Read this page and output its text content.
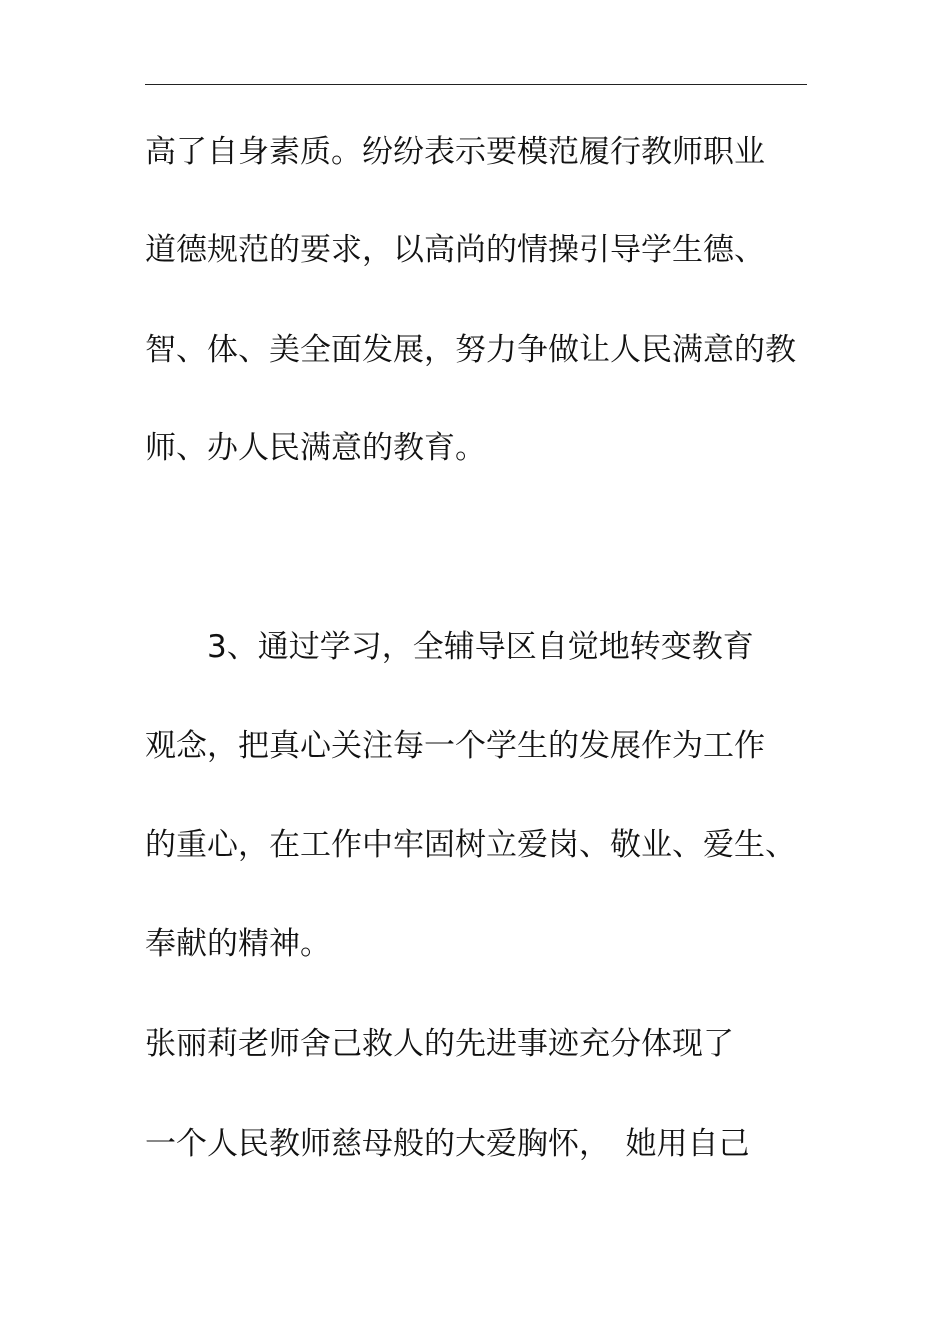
高了自身素质。纷纷表示要模范履行教师职业
道德规范的要求，以高尚的情操引导学生德、
智、体、美全面发展，努力争做让人民满意的教
师、办人民满意的教育。
　　3、通过学习，全辅导区自觉地转变教育
观念，把真心关注每一个学生的发展作为工作
的重心，在工作中牢固树立爱岗、敬业、爱生、
奉献的精神。
张丽莉老师舍己救人的先进事迹充分体现了
一个人民教师慈母般的大爱胸怀，　她用自己
